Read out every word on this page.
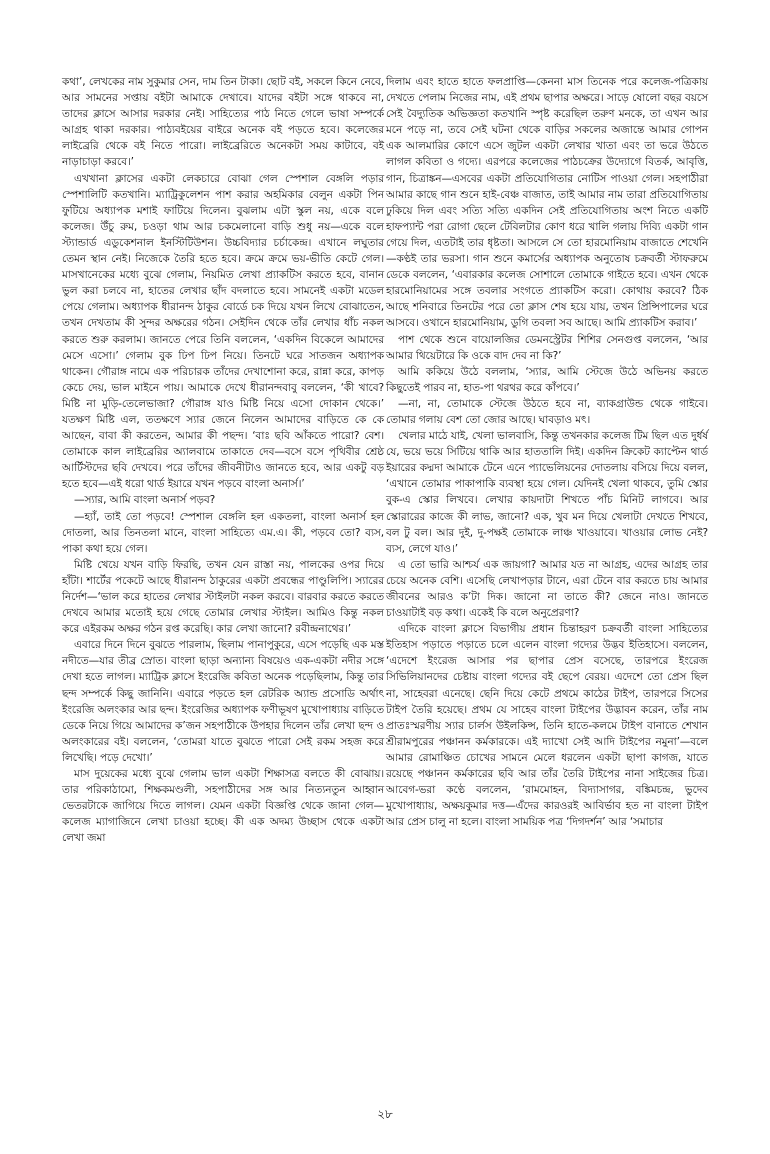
কথা’, লেখকের নাম সুকুমার সেন, দাম তিন টাকা। ছোট বই, সকলে কিনে নেবে, আর সামনের সপ্তায় বইটা আমাকে দেখাবে। যাদের বইটা সঙ্গে থাকবে না, তাদের ক্লাসে আসার দরকার নেই। সাহিত্যের পাঠ নিতে গেলে ভাষা সম্পর্কে আগ্রহ থাকা দরকার। পাঠ্যবইয়ের বাইরে অনেক বই পড়তে হবে। কলেজের লাইব্রেরি থেকে বই নিতে পারো। লাইব্রেরিতে অনেকটা সময় কাটাবে, বই নাড়াচাড়া করবে।’

এখখানা ক্লাসের একটা লেকচারে বোঝা গেল স্পেশাল বেঙ্গলি পড়ার স্পেশালিটি কতখানি। ম্যাট্রিকুলেশন পাশ করার অহমিকার বেলুন একটা পিন ফুটিয়ে অধ্যাপক মশাই ফাটিয়ে দিলেন। বুঝলাম এটা স্কুল নয়, একে বলে কলেজ। উঁচু রুম, চওড়া থাম আর চকমেলানো বাড়ি শুধু নয়—একে বলে স্ট্যান্ডার্ড এডুকেশনাল ইনস্টিটিউশন। উচ্চবিদ্যার চর্চাকেন্দ্র। এখানে লঘুতার তেমন স্থান নেই। নিজেকে তৈরি হতে হবে। ক্রমে ক্রমে ভয়-ভীতি কেটে গেল। মাসখানেকের মধ্যে বুঝে গেলাম, নিয়মিত লেখা প্র্যাকটিস করতে হবে, বানান ভুল করা চলবে না, হাতের লেখার ছাঁদ বদলাতে হবে। সামনেই একটা মডেল পেয়ে গেলাম। অধ্যাপক ধীরানন্দ ঠাকুর বোর্ডে চক দিয়ে যখন লিখে বোঝাতেন, তখন দেখতাম কী সুন্দর অক্ষরের গঠন। সেইদিন থেকে তাঁর লেখার ধাঁচ নকল করতে শুরু করলাম। জানতে পেরে তিনি বললেন, ‘একদিন বিকেলে আমাদের মেসে এসো।’ গেলাম বুক ঢিপ ঢিপ নিয়ে। তিনটে ঘরে সাতজন অধ্যাপক থাকেন। গৌরাঙ্গ নামে এক পরিচারক তাঁদের দেখাশোনা করে, রান্না করে, কাপড় কেচে দেয়, ভাল মাইনে পায়। আমাকে দেখে ধীরানন্দবাবু বললেন, ‘কী খাবে? মিষ্টি না মুড়ি-তেলেভাজা? গৌরাঙ্গ যাও মিষ্টি নিয়ে এসো দোকান থেকে।’ যতক্ষণ মিষ্টি এল, ততক্ষণে স্যার জেনে নিলেন আমাদের বাড়িতে কে কে আছেন, বাবা কী করতেন, আমার কী পছন্দ। ‘বাঃ ছবি আঁকতে পারো? বেশ। তোমাকে কাল লাইব্রেরির অ্যালবামে তাকাতে দেব—বসে বসে পৃথিবীর শ্রেষ্ঠ আর্টিস্টদের ছবি দেখবে। পরে তাঁদের জীবনীটাও জানতে হবে, আর একটু বড় হতে হবে—এই ধরো থার্ড ইয়ারে যখন পড়বে বাংলা অনার্স।’

—স্যার, আমি বাংলা অনার্স পড়ব?

—হ্যাঁ, তাই তো পড়বে! স্পেশাল বেঙ্গলি হল একতলা, বাংলা অনার্স হল দোতলা, আর তিনতলা মানে, বাংলা সাহিত্যে এম.এ। কী, পড়বে তো? ব্যস, পাকা কথা হয়ে গেল।

মিষ্টি খেয়ে যখন বাড়ি ফিরছি, তখন যেন রাস্তা নয়, পালকের ওপর দিয়ে হাঁটা। শার্টের পকেটে আছে ধীরানন্দ ঠাকুরের একটা প্রবন্ধের পাণ্ডুলিপি। স্যারের নির্দেশ—‘ভাল করে হাতের লেখার স্টাইলটা নকল করবে। বারবার করতে করতে দেখবে আমার মতোই হয়ে গেছে তোমার লেখার স্টাইল। আমিও কিন্তু নকল করে এইরকম অক্ষর গঠন রপ্ত করেছি। কার লেখা জানো? রবীন্দ্রনাথের।’

এবারে দিনে দিনে বুঝতে পারলাম, ছিলাম পানাপুকুরে, এসে পড়েছি এক মস্ত নদীতে—যার তীব্র স্রোত। বাংলা ছাড়া অন্যান্য বিষয়েও এক-একটা নদীর সঙ্গে দেখা হতে লাগল। ম্যাট্রিক ক্লাসে ইংরেজি কবিতা অনেক পড়েছিলাম, কিন্তু তার ছন্দ সম্পর্কে কিছু জানিনি। এবারে পড়তে হল রেটরিক অ্যান্ড প্রসোডি অর্থাৎ ইংরেজি অলংকার আর ছন্দ। ইংরেজির অধ্যাপক ফণীভূষণ মুখোপাধ্যায় বাড়িতে ডেকে নিয়ে গিয়ে আমাদের ক’জন সহপাঠীকে উপহার দিলেন তাঁর লেখা ছন্দ ও অলংকারের বই। বললেন, ‘তোমরা যাতে বুঝতে পারো সেই রকম সহজ করে লিখেছি। পড়ে দেখো।’

মাস দুয়েকের মধ্যে বুঝে গেলাম ভাল একটা শিক্ষাসত্র বলতে কী বোঝায়। তার পরিকাঠামো, শিক্ষকমণ্ডলী, সহপাঠীদের সঙ্গ আর নিত্যনতুন আহ্বান ভেতরটাকে জাগিয়ে দিতে লাগল। যেমন একটা বিজ্ঞপ্তি থেকে জানা গেল—কলেজ ম্যাগাজিনে লেখা চাওয়া হচ্ছে। কী এক অদম্য উচ্ছাস থেকে একটা লেখা জমা

দিলাম এবং হাতে হাতে ফলপ্রাপ্তি—কেননা মাস তিনেক পরে কলেজ-পত্রিকায় দেখতে পেলাম নিজের নাম, এই প্রথম ছাপার অক্ষরে। সাড়ে ষোলো বছর বয়সে সেই বৈদ্যুতিক অভিজ্ঞতা কতখানি স্পৃষ্ট করেছিল তরুণ মনকে, তা এখন আর মনে পড়ে না, তবে সেই ঘটনা থেকে বাড়ির সকলের অজান্তে আমার গোপন এক আলমারির কোণে এসে জুটল একটা লেখার খাতা এবং তা ভরে উঠতে লাগল কবিতা ও গদ্যে। এরপরে কলেজের পাঠচক্রের উদ্যোগে বিতর্ক, আবৃত্তি, গান, চিত্রাঙ্কন—এসবের একটা প্রতিযোগিতার নোটিস পাওয়া গেল। সহপাঠীরা আমার কাছে গান শুনে হাই-বেঞ্চ বাজাত, তাই আমার নাম তারা প্রতিযোগিতায় ঢুকিয়ে দিল এবং সত্যি সত্যি একদিন সেই প্রতিযোগিতায় অংশ নিতে একটি হাফপ্যান্ট পরা রোগা ছেলে টেবিলটার কোণ ধরে খালি গলায় দিব্যি একটা গান গেয়ে দিল, এতটাই তার ধৃষ্টতা। আসলে সে তো হারমোনিয়াম বাজাতে শেখেনি—কণ্ঠই তার ভরসা। গান শুনে কমার্সের অধ্যাপক অনুতোষ চক্রবর্তী স্টাফরুমে ডেকে বললেন, ‘এবারকার কলেজ সোশালে তোমাকে গাইতে হবে। এখন থেকে হারমোনিয়ামের সঙ্গে তবলার সংগতে প্র্যাকটিস করো। কোথায় করবে? ঠিক আছে শনিবারে তিনটের পরে তো ক্লাস শেষ হয়ে যায়, তখন প্রিন্সিপালের ঘরে আসবে। ওখানে হারমোনিয়াম, ডুগি তবলা সব আছে। আমি প্র্যাকটিস করাব।’

পাশ থেকে শুনে বায়োলজির ডেমনস্ট্রেটর শিশির সেনগুপ্ত বললেন, ‘আর আমার থিয়েটারে কি ওকে বাদ দেব না কি?’

আমি ককিয়ে উঠে বললাম, ‘স্যার, আমি স্টেজে উঠে অভিনয় করতে কিছুতেই পারব না, হাত-পা থরথর করে কাঁপবে।’

—না, না, তোমাকে স্টেজে উঠতে হবে না, ব্যাকগ্রাউন্ড থেকে গাইবে। তোমার গলায় বেশ তো জোর আছে। ঘাবড়াও মৎ।

খেলার মাঠে যাই, খেলা ভালবাসি, কিন্তু তখনকার কলেজ টিম ছিল এত দুর্ধর্ষ যে, ভয়ে ভয়ে সিটিয়ে থাকি আর হাততালি দিই। একদিন ক্রিকেট ক্যাপ্টেন থার্ড ইয়ারের কদ্মদা আমাকে টেনে এনে প্যাভেলিয়নের দোতলায় বসিয়ে দিয়ে বলল, ‘এখানে তোমার পাকাপাকি ব্যবস্থা হয়ে গেল। যেদিনই খেলা থাকবে, তুমি স্কোর বুক-এ স্কোর লিখবে। লেখার কায়দাটা শিখতে পাঁচ মিনিট লাগবে। আর স্কোরারের কাজে কী লাভ, জানো? এক, খুব মন দিয়ে খেলাটা দেখতে শিখবে, বল টু বল। আর দুই, দু-পক্ষই তোমাকে লাঞ্চ খাওয়াবে। খাওয়ার লোভ নেই? ব্যস, লেগে যাও।’

এ তো ভারি আশ্চর্য এক জায়গা? আমার যত না আগ্রহ, এদের আগ্রহ তার চেয়ে অনেক বেশি। এসেছি লেখাপড়ার টানে, এরা টেনে বার করতে চায় আমার জীবনের আরও ক’টা দিক। জানো না তাতে কী? জেনে নাও। জানতে চাওয়াটাই বড় কথা। একেই কি বলে অনুপ্রেরণা?

এদিকে বাংলা ক্লাসে বিভাগীয় প্রধান চিন্তাহরণ চক্রবর্তী বাংলা সাহিত্যের ইতিহাস পড়াতে পড়াতে চলে এলেন বাংলা গদ্যের উদ্ভব ইতিহাসে। বললেন, ‘এদেশে ইংরেজ আসার পর ছাপার প্রেস বসেছে, তারপরে ইংরেজ সিভিলিয়ানদের চেষ্টায় বাংলা গদ্যের বই ছেপে বেরয়। এদেশে তো প্রেস ছিল না, সাহেবরা এনেছে। ছেনি দিয়ে কেটে প্রথমে কাঠের টাইপ, তারপরে সিসের টাইপ তৈরি হয়েছে। প্রথম যে সাহেব বাংলা টাইপের উদ্ভাবন করেন, তাঁর নাম প্রাতঃস্মরণীয় স্যার চার্লস উইলকিন্স, তিনি হাতে-কলমে টাইপ বানাতে শেখান শ্রীরামপুরের পঞ্চানন কর্মকারকে। এই দ্যাখো সেই আদি টাইপের নমুনা’—বলে আমার রোমাঞ্চিত চোখের সামনে মেলে ধরলেন একটা ছাপা কাগজ, যাতে রয়েছে পঞ্চানন কর্মকারের ছবি আর তাঁর তৈরি টাইপের নানা সাইজের চিত্র। আবেগ-ভরা কণ্ঠে বললেন, ‘রামমোহন, বিদ্যাসাগর, বঙ্কিমচন্দ্র, ভুদেব মুখোপাধ্যায়, অক্ষয়কুমার দত্ত—এঁদের কারওরই আবির্ভাব হত না বাংলা টাইপ আর প্রেস চালু না হলে। বাংলা সাময়িক পত্র ‘দিগদর্শন’ আর ‘সমাচার

২৮
